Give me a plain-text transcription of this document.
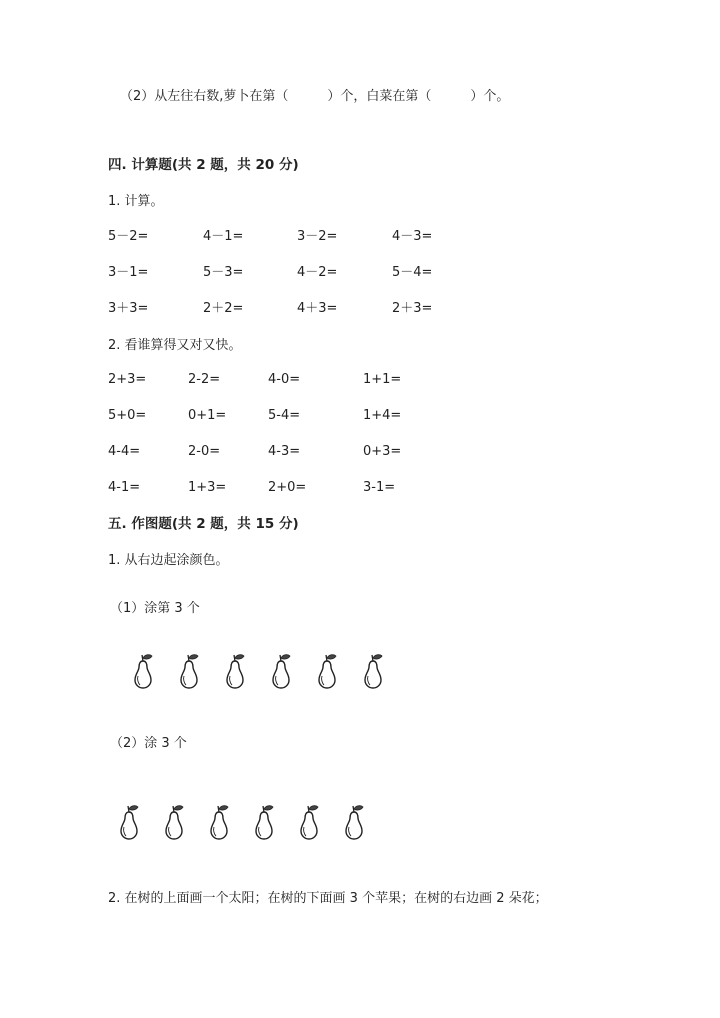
（2）从左往右数,萝卜在第（　　　）个，白菜在第（　　　）个。
四. 计算题(共 2 题，共 20 分)
1. 计算。
5－2=	4－1=	3－2=	4－3=
3－1=	5－3=	4－2=	5－4=
3＋3=	2＋2=	4＋3=	2＋3=
2. 看谁算得又对又快。
2+3=	2-2=	4-0=	1+1=
5+0=	0+1=	5-4=	1+4=
4-4=	2-0=	4-3=	0+3=
4-1=	1+3=	2+0=	3-1=
五. 作图题(共 2 题，共 15 分)
1. 从右边起涂颜色。
（1）涂第 3 个
（2）涂 3 个
2. 在树的上面画一个太阳；在树的下面画 3 个苹果；在树的右边画 2 朵花；
